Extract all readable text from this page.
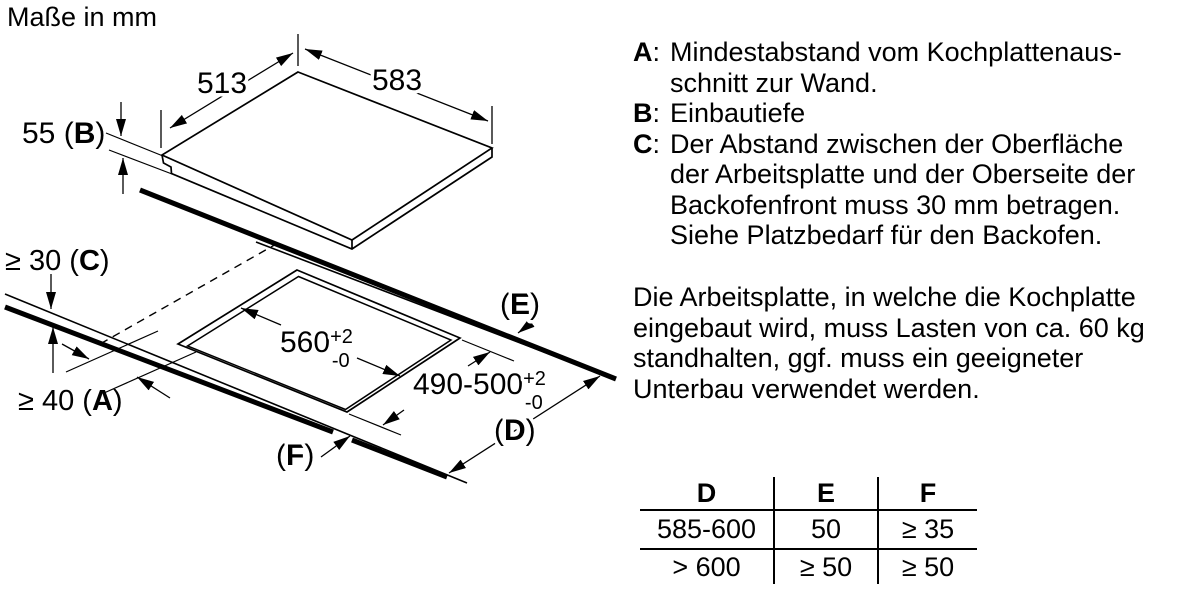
Maße in mm
513	583
55 (B)
≥ 30 (C)
≥ 40 (A)
$560^{+2}$ -0
$490-500^{+2}$ -0
(E)
(D)
(F)
A: Mindestabstand vom Kochplattenaus-
schnitt zur Wand.
B: Einbautiefe
C: Der Abstand zwischen der Oberfläche
der Arbeitsplatte und der Oberseite der
Backofenfront muss 30 mm betragen.
Siehe Platzbedarf für den Backofen.
Die Arbeitsplatte, in welche die Kochplatte
eingebaut wird, muss Lasten von ca. 60 kg
standhalten, ggf. muss ein geeigneter
Unterbau verwendet werden.
D	E	F
585-600	50	≥ 35
> 600	≥ 50	≥ 50
